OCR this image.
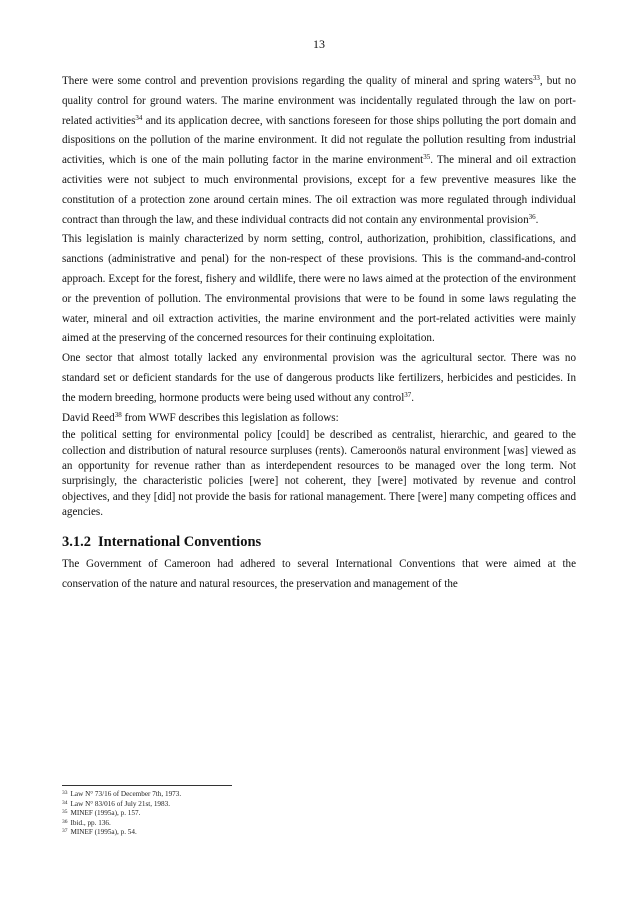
13

There were some control and prevention provisions regarding the quality of mineral and spring waters$^{33}$, but no quality control for ground waters. The marine environment was incidentally regulated through the law on port-related activities$^{34}$ and its application decree, with sanctions foreseen for those ships polluting the port domain and dispositions on the pollution of the marine environment. It did not regulate the pollution resulting from industrial activities, which is one of the main polluting factor in the marine environment$^{35}$. The mineral and oil extraction activities were not subject to much environmental provisions, except for a few preventive measures like the constitution of a protection zone around certain mines. The oil extraction was more regulated through individual contract than through the law, and these individual contracts did not contain any environmental provision$^{36}$.

This legislation is mainly characterized by norm setting, control, authorization, prohibition, classifications, and sanctions (administrative and penal) for the non-respect of these provisions. This is the command-and-control approach. Except for the forest, fishery and wildlife, there were no laws aimed at the protection of the environment or the prevention of pollution. The environmental provisions that were to be found in some laws regulating the water, mineral and oil extraction activities, the marine environment and the port-related activities were mainly aimed at the preserving of the concerned resources for their continuing exploitation.

One sector that almost totally lacked any environmental provision was the agricultural sector. There was no standard set or deficient standards for the use of dangerous products like fertilizers, herbicides and pesticides. In the modern breeding, hormone products were being used without any control$^{37}$.

David Reed$^{38}$ from WWF describes this legislation as follows:

the political setting for environmental policy [could] be described as centralist, hierarchic, and geared to the collection and distribution of natural resource surpluses (rents). Cameroonös natural environment [was] viewed as an opportunity for revenue rather than as interdependent resources to be managed over the long term. Not surprisingly, the characteristic policies [were] not coherent, they [were] motivated by revenue and control objectives, and they [did] not provide the basis for rational management. There [were] many competing offices and agencies.

3.1.2 International Conventions

The Government of Cameroon had adhered to several International Conventions that were aimed at the conservation of the nature and natural resources, the preservation and management of the

$^{33}$ Law N° 73/16 of December 7th, 1973.
$^{34}$ Law N° 83/016 of July 21st, 1983.
$^{35}$ MINEF (1995a), p. 157.
$^{36}$ Ibid., pp. 136.
$^{37}$ MINEF (1995a), p. 54.
